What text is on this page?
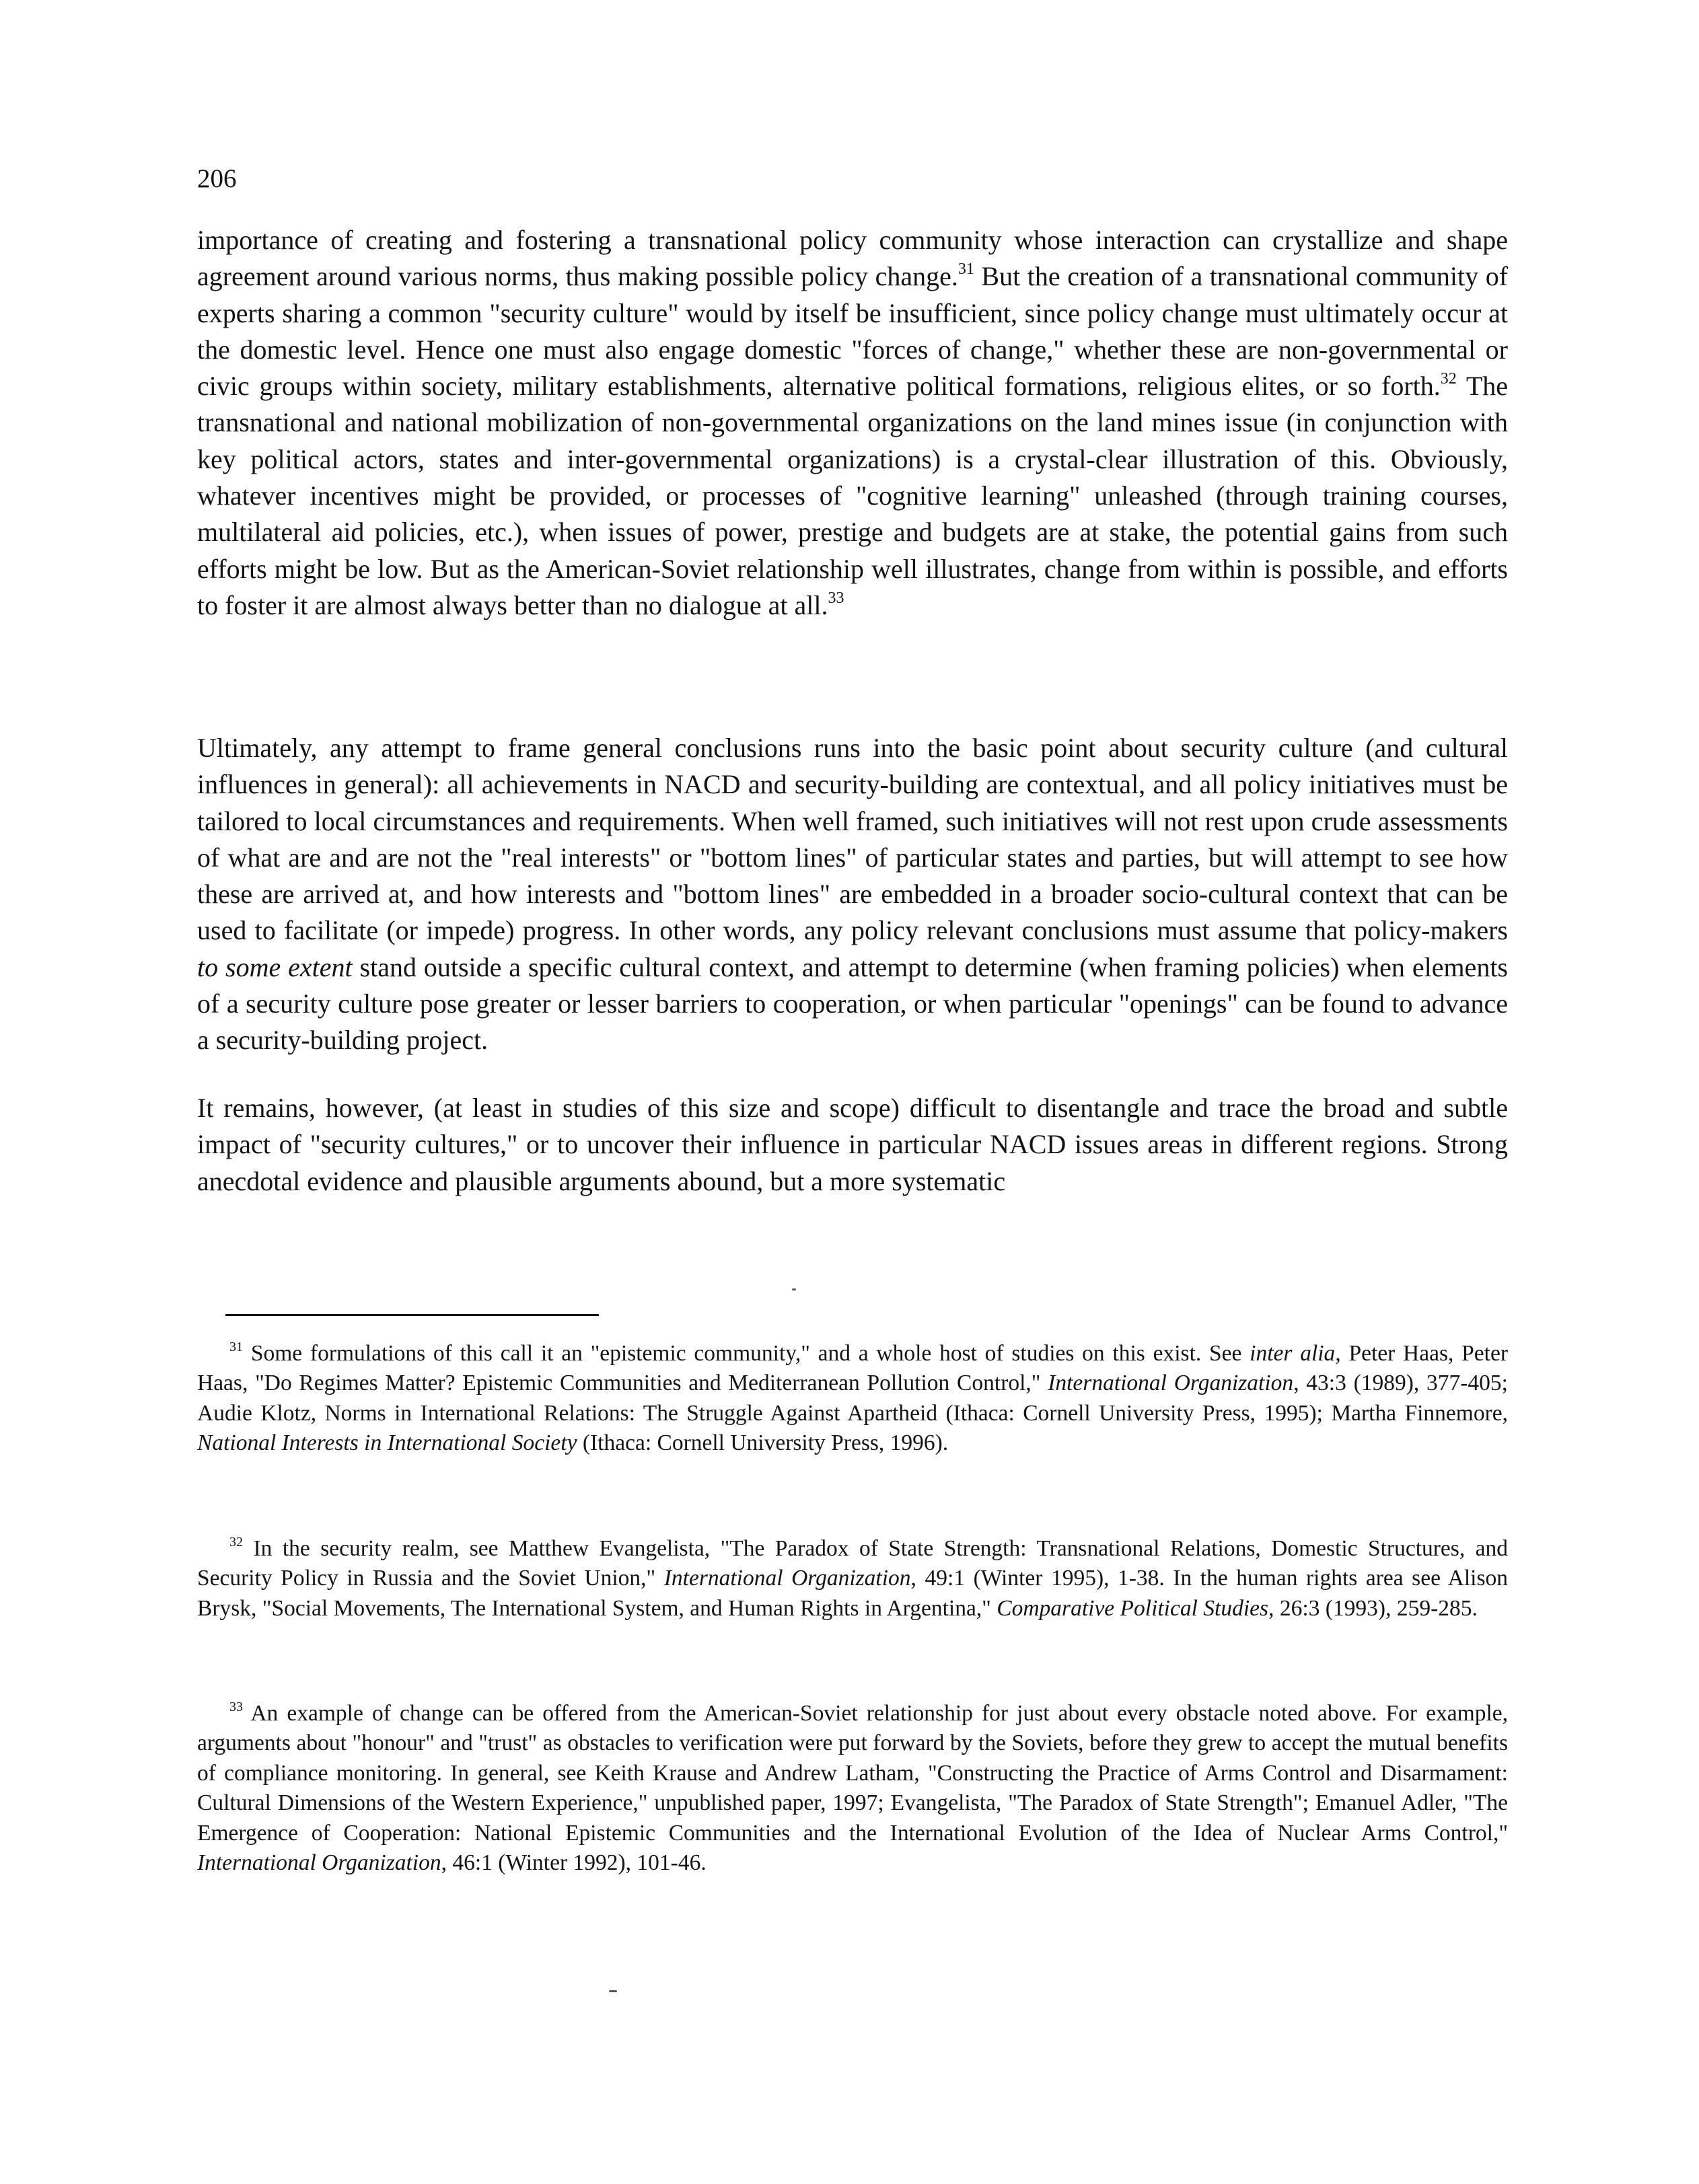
206

importance of creating and fostering a transnational policy community whose interaction can crystallize and shape agreement around various norms, thus making possible policy change.$^{31}$ But the creation of a transnational community of experts sharing a common "security culture" would by itself be insufficient, since policy change must ultimately occur at the domestic level. Hence one must also engage domestic "forces of change," whether these are non-governmental or civic groups within society, military establishments, alternative political formations, religious elites, or so forth.$^{32}$ The transnational and national mobilization of non-governmental organizations on the land mines issue (in conjunction with key political actors, states and inter-governmental organizations) is a crystal-clear illustration of this. Obviously, whatever incentives might be provided, or processes of "cognitive learning" unleashed (through training courses, multilateral aid policies, etc.), when issues of power, prestige and budgets are at stake, the potential gains from such efforts might be low. But as the American-Soviet relationship well illustrates, change from within is possible, and efforts to foster it are almost always better than no dialogue at all.$^{33}$

Ultimately, any attempt to frame general conclusions runs into the basic point about security culture (and cultural influences in general): all achievements in NACD and security-building are contextual, and all policy initiatives must be tailored to local circumstances and requirements. When well framed, such initiatives will not rest upon crude assessments of what are and are not the "real interests" or "bottom lines" of particular states and parties, but will attempt to see how these are arrived at, and how interests and "bottom lines" are embedded in a broader socio-cultural context that can be used to facilitate (or impede) progress. In other words, any policy relevant conclusions must assume that policy-makers to some extent stand outside a specific cultural context, and attempt to determine (when framing policies) when elements of a security culture pose greater or lesser barriers to cooperation, or when particular "openings" can be found to advance a security-building project.

It remains, however, (at least in studies of this size and scope) difficult to disentangle and trace the broad and subtle impact of "security cultures," or to uncover their influence in particular NACD issues areas in different regions. Strong anecdotal evidence and plausible arguments abound, but a more systematic

$^{31}$ Some formulations of this call it an "epistemic community," and a whole host of studies on this exist. See inter alia, Peter Haas, Peter Haas, "Do Regimes Matter? Epistemic Communities and Mediterranean Pollution Control," International Organization, 43:3 (1989), 377-405; Audie Klotz, Norms in International Relations: The Struggle Against Apartheid (Ithaca: Cornell University Press, 1995); Martha Finnemore, National Interests in International Society (Ithaca: Cornell University Press, 1996).

$^{32}$ In the security realm, see Matthew Evangelista, "The Paradox of State Strength: Transnational Relations, Domestic Structures, and Security Policy in Russia and the Soviet Union," International Organization, 49:1 (Winter 1995), 1-38. In the human rights area see Alison Brysk, "Social Movements, The International System, and Human Rights in Argentina," Comparative Political Studies, 26:3 (1993), 259-285.

$^{33}$ An example of change can be offered from the American-Soviet relationship for just about every obstacle noted above. For example, arguments about "honour" and "trust" as obstacles to verification were put forward by the Soviets, before they grew to accept the mutual benefits of compliance monitoring. In general, see Keith Krause and Andrew Latham, "Constructing the Practice of Arms Control and Disarmament: Cultural Dimensions of the Western Experience," unpublished paper, 1997; Evangelista, "The Paradox of State Strength"; Emanuel Adler, "The Emergence of Cooperation: National Epistemic Communities and the International Evolution of the Idea of Nuclear Arms Control," International Organization, 46:1 (Winter 1992), 101-46.
